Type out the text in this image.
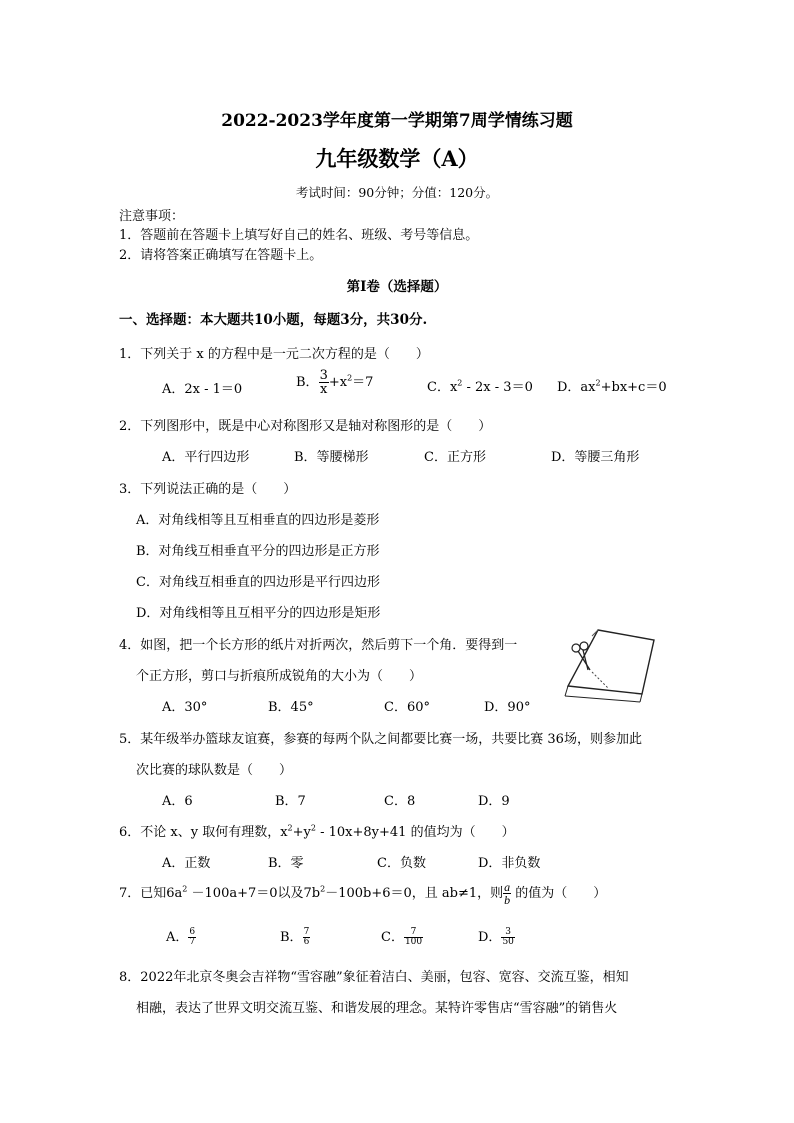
2022-2023学年度第一学期第7周学情练习题
九年级数学（A）
考试时间：90分钟；分值：120分。
注意事项：
1．答题前在答题卡上填写好自己的姓名、班级、考号等信息。
2．请将答案正确填写在答题卡上。
第Ⅰ卷（选择题）
一、选择题：本大题共10小题，每题3分，共30分.
1．下列关于 x 的方程中是一元二次方程的是（　　）
A．2x - 1＝0	B． $\frac{3}{x} +x^2=7$	C．$x^2 - 2x - 3=0$ D．$ax^2+bx+c=0$
2．下列图形中，既是中心对称图形又是轴对称图形的是（　　）
A．平行四边形	B．等腰梯形	C．正方形	D．等腰三角形
3．下列说法正确的是（　　）
A．对角线相等且互相垂直的四边形是菱形
B．对角线互相垂直平分的四边形是正方形
C．对角线互相垂直的四边形是平行四边形
D．对角线相等且互相平分的四边形是矩形
4．如图，把一个长方形的纸片对折两次，然后剪下一个角．要得到一
个正方形，剪口与折痕所成锐角的大小为（　　）
A．30°	B．45°	C．60°	D．90°
5．某年级举办篮球友谊赛，参赛的每两个队之间都要比赛一场，共要比赛 36场，则参加此
次比赛的球队数是（　　）
A．6	B．7	C．8	D．9
6．不论 x、y 取何有理数，$x^2+y^2 - 10x+8y+41$ 的值均为（　　）
A．正数	B．零	C．负数	D．非负数
7．已知$6a^2 -100a+7=0$以及$7b^2-100b+6=0$，且 ab≠1，则 $\frac{a}{b}$ 的值为（　　）
A． $\frac{6}{7}$	B． $\frac{7}{6}$	C． $\frac{7}{100}$	D． $\frac{3}{50}$
8．2022年北京冬奥会吉祥物“雪容融”象征着洁白、美丽，包容、宽容、交流互鉴，相知
相融，表达了世界文明交流互鉴、和谐发展的理念。某特许零售店“雪容融”的销售火
